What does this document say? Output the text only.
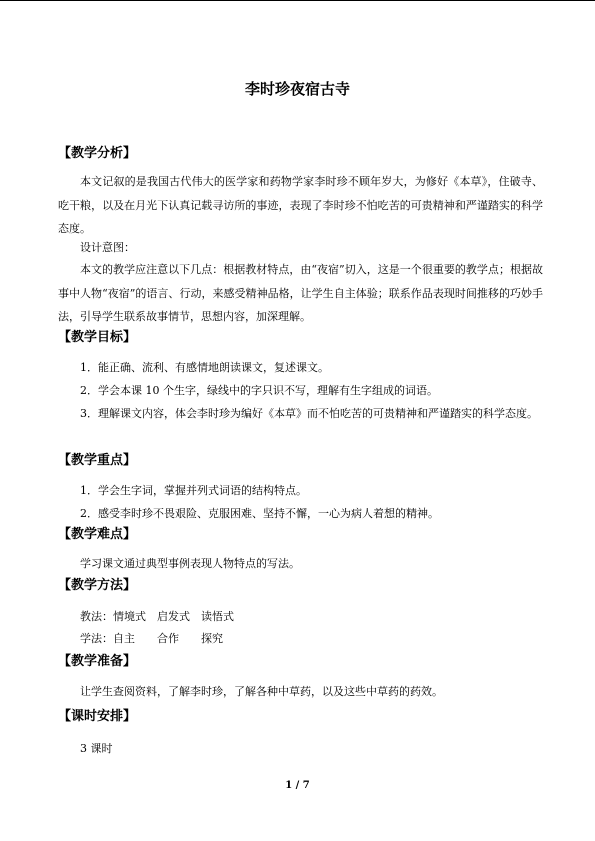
李时珍夜宿古寺
【教学分析】
本文记叙的是我国古代伟大的医学家和药物学家李时珍不顾年岁大，为修好《本草》，住破寺、吃干粮，以及在月光下认真记载寻访所的事迹，表现了李时珍不怕吃苦的可贵精神和严谨踏实的科学态度。
设计意图：
本文的教学应注意以下几点：根据教材特点，由“夜宿”切入，这是一个很重要的教学点；根据故事中人物“夜宿”的语言、行动，来感受精神品格，让学生自主体验；联系作品表现时间推移的巧妙手法，引导学生联系故事情节，思想内容，加深理解。
【教学目标】
1．能正确、流利、有感情地朗读课文，复述课文。
2．学会本课 10 个生字，绿线中的字只识不写，理解有生字组成的词语。
3．理解课文内容，体会李时珍为编好《本草》而不怕吃苦的可贵精神和严谨踏实的科学态度。
【教学重点】
1．学会生字词，掌握并列式词语的结构特点。
2．感受李时珍不畏艰险、克服困难、坚持不懈，一心为病人着想的精神。
【教学难点】
学习课文通过典型事例表现人物特点的写法。
【教学方法】
教法：情境式　启发式　读悟式
学法：自主　　合作　　探究
【教学准备】
让学生查阅资料，了解李时珍，了解各种中草药，以及这些中草药的药效。
【课时安排】
3 课时
1 / 7
